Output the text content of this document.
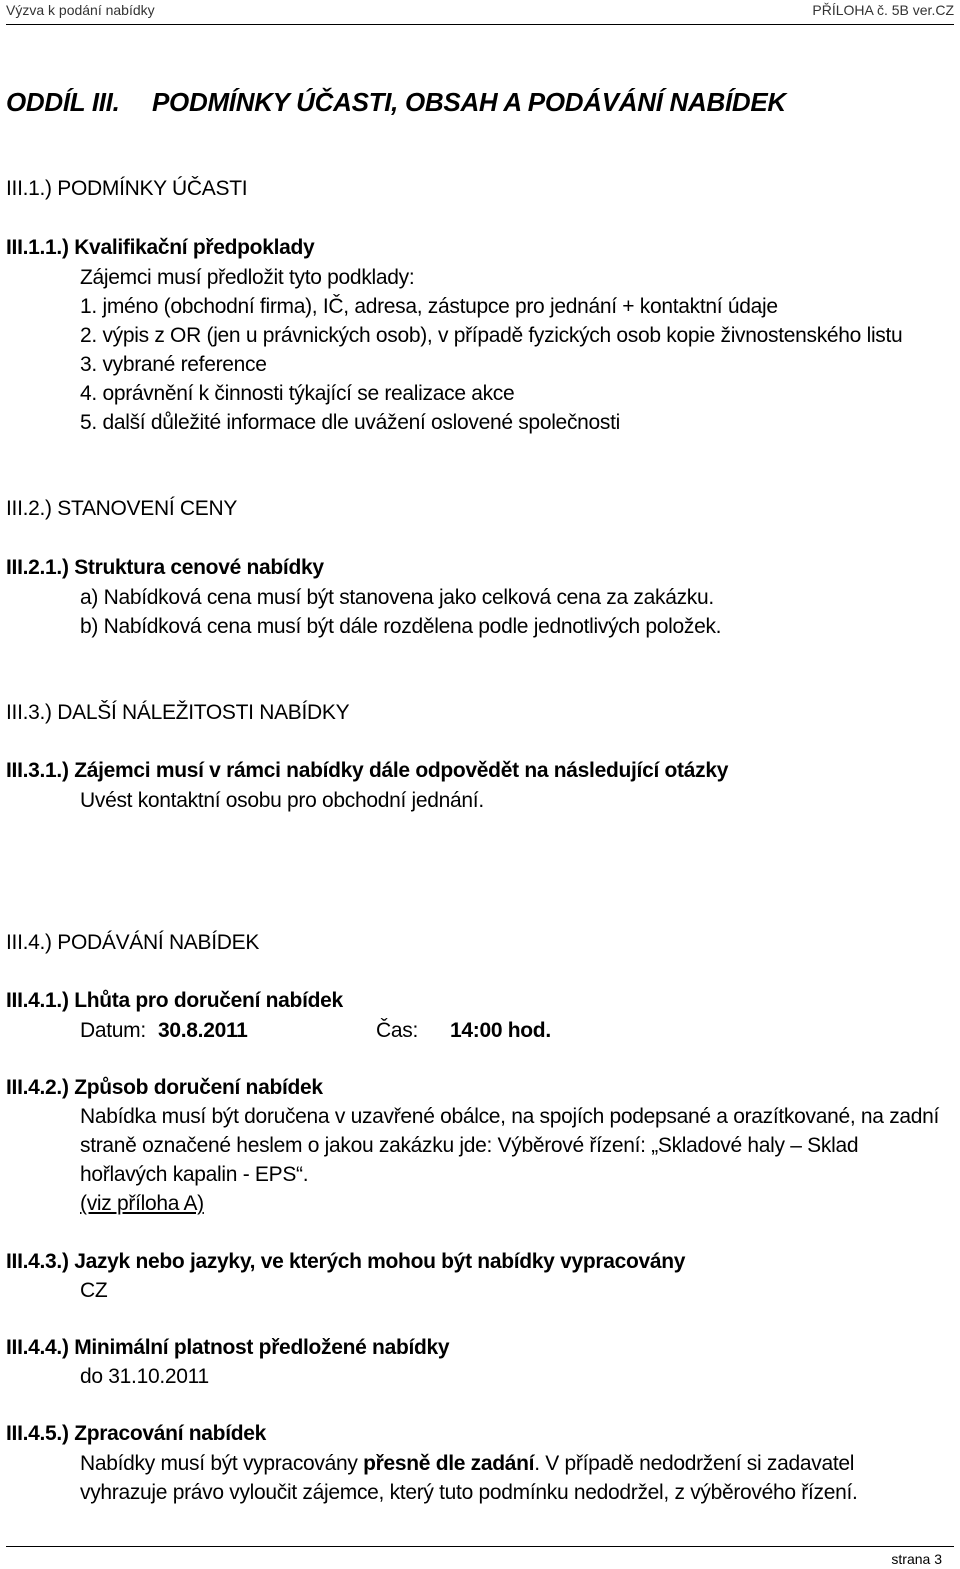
Výzva k podání nabídky	PŘÍLOHA č. 5B ver.CZ
ODDÍL III. PODMÍNKY ÚČASTI, OBSAH A PODÁVÁNÍ NABÍDEK
III.1.) PODMÍNKY ÚČASTI
III.1.1.) Kvalifikační předpoklady
Zájemci musí předložit tyto podklady:
1. jméno (obchodní firma), IČ, adresa, zástupce pro jednání + kontaktní údaje
2. výpis z OR (jen u právnických osob), v případě fyzických osob kopie živnostenského listu
3. vybrané reference
4. oprávnění k činnosti týkající se realizace akce
5. další důležité informace dle uvážení oslovené společnosti
III.2.) STANOVENÍ CENY
III.2.1.) Struktura cenové nabídky
a) Nabídková cena musí být stanovena jako celková cena za zakázku.
b) Nabídková cena musí být dále rozdělena podle jednotlivých položek.
III.3.) DALŠÍ NÁLEŽITOSTI NABÍDKY
III.3.1.) Zájemci musí v rámci nabídky dále odpovědět na následující otázky
Uvést kontaktní osobu pro obchodní jednání.
III.4.) PODÁVÁNÍ NABÍDEK
III.4.1.) Lhůta pro doručení nabídek
Datum: 30.8.2011	Čas: 14:00 hod.
III.4.2.) Způsob doručení nabídek
Nabídka musí být doručena v uzavřené obálce, na spojích podepsané a orazítkované, na zadní
straně označené heslem o jakou zakázku jde: Výběrové řízení: „Skladové haly – Sklad
hořlavých kapalin - EPS“.
(viz příloha A)
III.4.3.) Jazyk nebo jazyky, ve kterých mohou být nabídky vypracovány
CZ
III.4.4.) Minimální platnost předložené nabídky
do 31.10.2011
III.4.5.) Zpracování nabídek
Nabídky musí být vypracovány přesně dle zadání. V případě nedodržení si zadavatel
vyhrazuje právo vyloučit zájemce, který tuto podmínku nedodržel, z výběrového řízení.
strana 3
